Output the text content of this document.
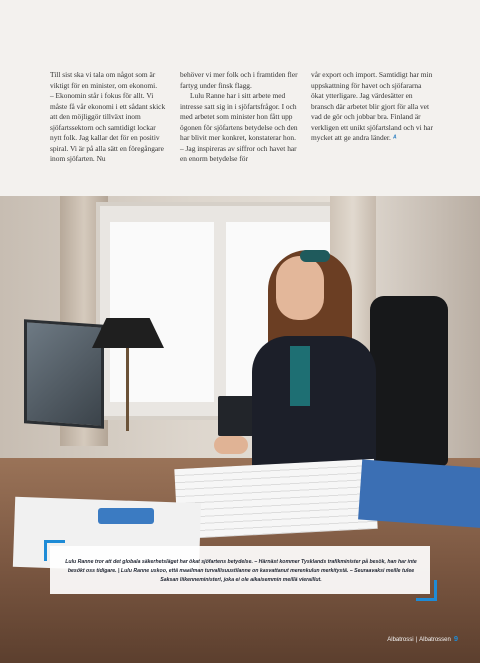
Till sist ska vi tala om något som är viktigt för en minister, om ekonomi.

– Ekonomin står i fokus för allt. Vi måste få vår ekonomi i ett sådant skick att den möjliggör tillväxt inom sjöfartssektorn och samtidigt lockar nytt folk. Jag kallar det för en positiv spiral. Vi är på alla sätt en föregångare inom sjöfarten. Nu

behöver vi mer folk och i framtiden fler fartyg under finsk flagg.

Lulu Ranne har i sitt arbete med intresse satt sig in i sjöfartsfrågor. I och med arbetet som minister hon fått upp ögonen för sjöfartens betydelse och den har blivit mer konkret, konstaterar hon.

– Jag inspireras av siffror och havet har en enorm betydelse för

vår export och import. Samtidigt har min uppskattning för havet och sjöfararna ökat ytterligare. Jag värdesätter en bransch där arbetet blir gjort för alla vet vad de gör och jobbar bra. Finland är verkligen ett unikt sjöfartsland och vi har mycket att ge andra länder. ᴬ

Lulu Ranne tror att det globala säkerhetsläget har ökat sjöfartens betydelse. – Härnäst kommer Tysklands trafikminister på besök, han har inte besökt oss tidigare. | Lulu Ranne uskoo, että maailman turvallisuustilanne on kasvattanut merenkulun merkitystä. – Seuraavaksi meille tulee Saksan liikenneministeri, joka ei ole aikaisemmin meillä vieraillut.
Albatrossi | Albatrossen 9
